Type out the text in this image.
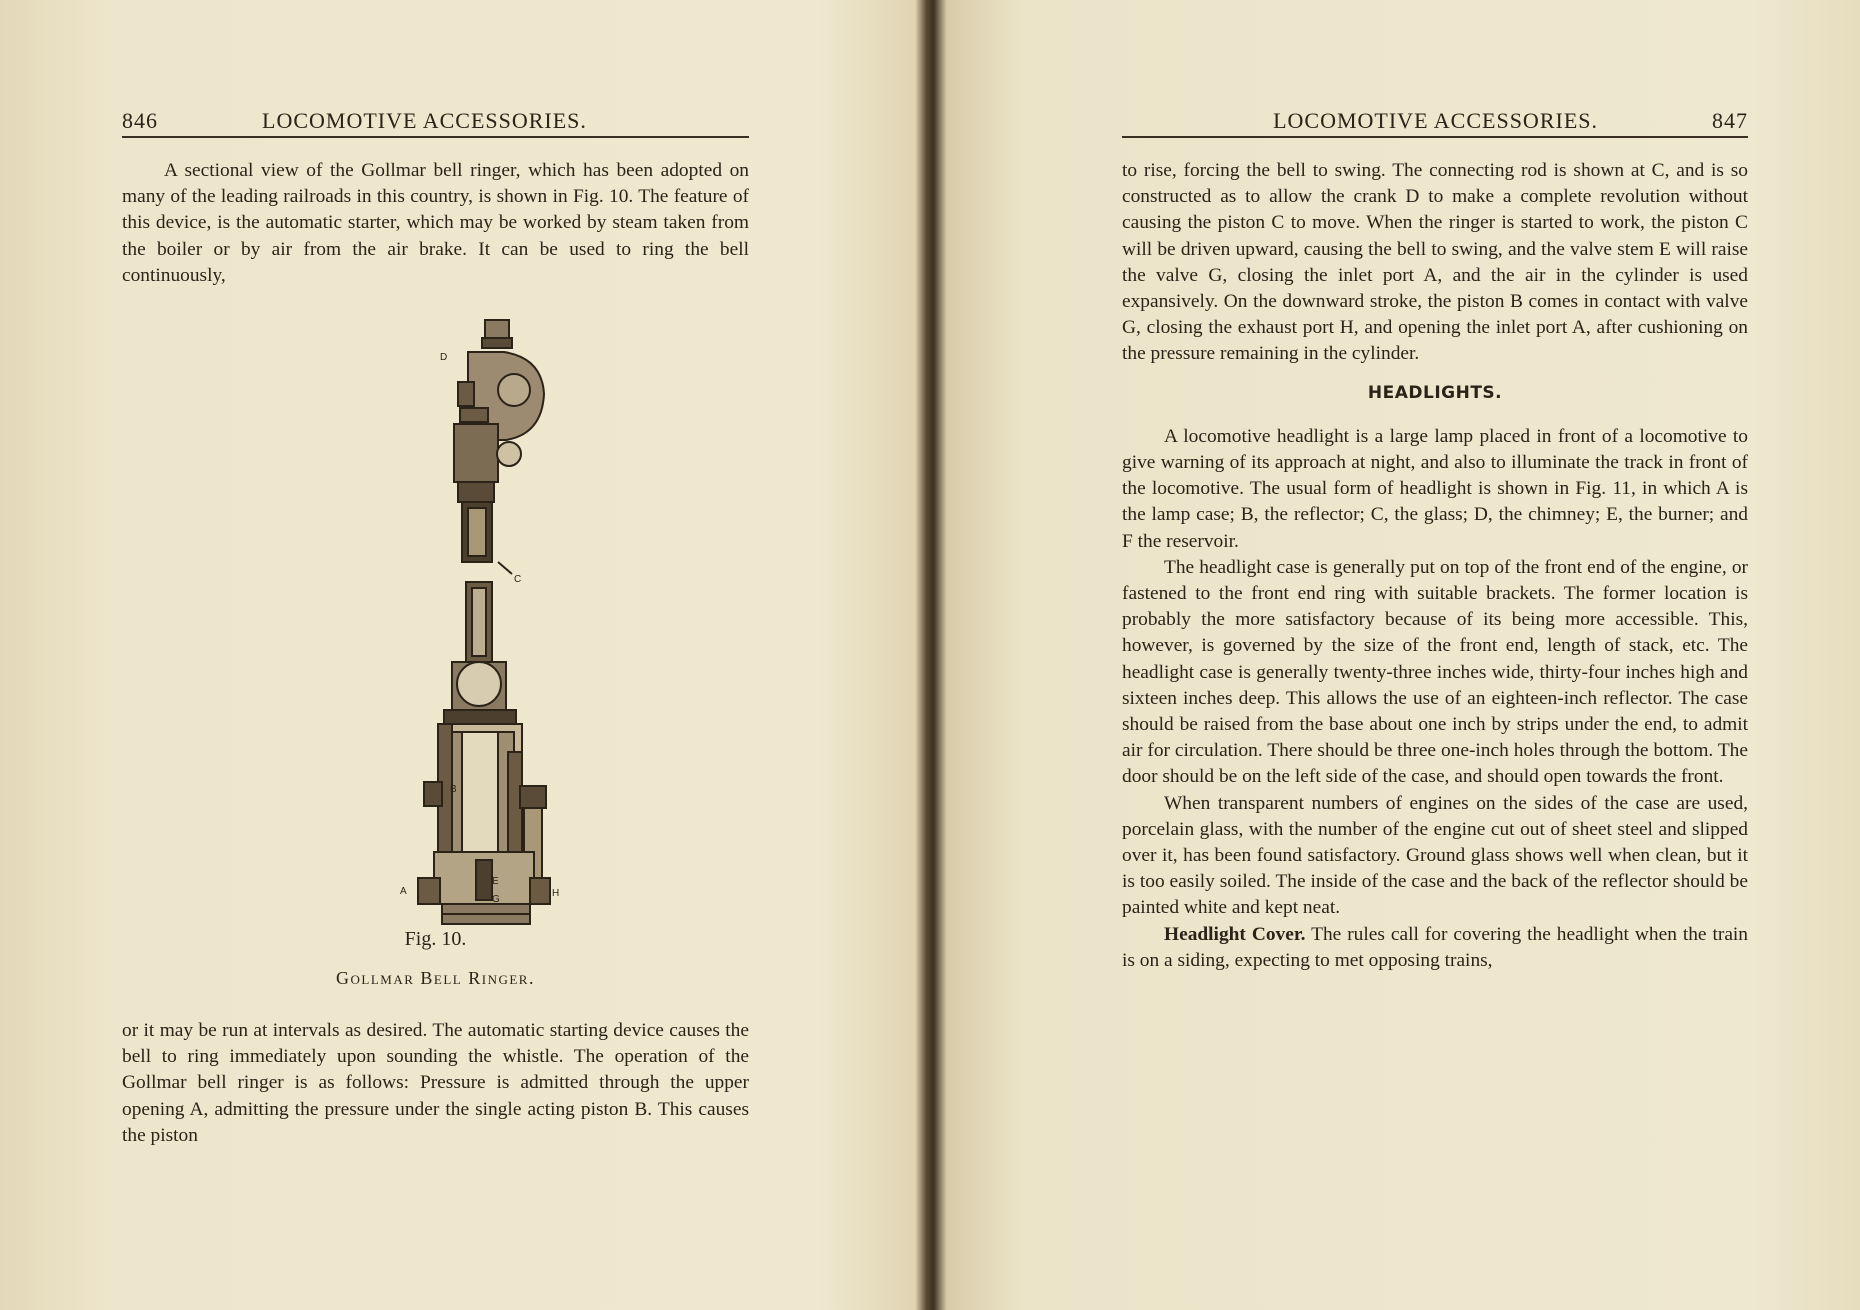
846	LOCOMOTIVE ACCESSORIES.

A sectional view of the Gollmar bell ringer, which has been adopted on many of the leading railroads in this country, is shown in Fig. 10. The feature of this device, is the automatic starter, which may be worked by steam taken from the boiler or by air from the air brake. It can be used to ring the bell continuously,

D
C
B
A
E
G
H
Fig. 10.
Gollmar Bell Ringer.

or it may be run at intervals as desired. The automatic starting device causes the bell to ring immediately upon sounding the whistle. The operation of the Gollmar bell ringer is as follows: Pressure is admitted through the upper opening A, admitting the pressure under the single acting piston B. This causes the piston

LOCOMOTIVE ACCESSORIES.	847

to rise, forcing the bell to swing. The connecting rod is shown at C, and is so constructed as to allow the crank D to make a complete revolution without causing the piston C to move. When the ringer is started to work, the piston C will be driven upward, causing the bell to swing, and the valve stem E will raise the valve G, closing the inlet port A, and the air in the cylinder is used expansively. On the downward stroke, the piston B comes in contact with valve G, closing the exhaust port H, and opening the inlet port A, after cushioning on the pressure remaining in the cylinder.

HEADLIGHTS.

A locomotive headlight is a large lamp placed in front of a locomotive to give warning of its approach at night, and also to illuminate the track in front of the locomotive. The usual form of headlight is shown in Fig. 11, in which A is the lamp case; B, the reflector; C, the glass; D, the chimney; E, the burner; and F the reservoir.

The headlight case is generally put on top of the front end of the engine, or fastened to the front end ring with suitable brackets. The former location is probably the more satisfactory because of its being more accessible. This, however, is governed by the size of the front end, length of stack, etc. The headlight case is generally twenty-three inches wide, thirty-four inches high and sixteen inches deep. This allows the use of an eighteen-inch reflector. The case should be raised from the base about one inch by strips under the end, to admit air for circulation. There should be three one-inch holes through the bottom. The door should be on the left side of the case, and should open towards the front.

When transparent numbers of engines on the sides of the case are used, porcelain glass, with the number of the engine cut out of sheet steel and slipped over it, has been found satisfactory. Ground glass shows well when clean, but it is too easily soiled. The inside of the case and the back of the reflector should be painted white and kept neat.

Headlight Cover. The rules call for covering the headlight when the train is on a siding, expecting to met opposing trains,
